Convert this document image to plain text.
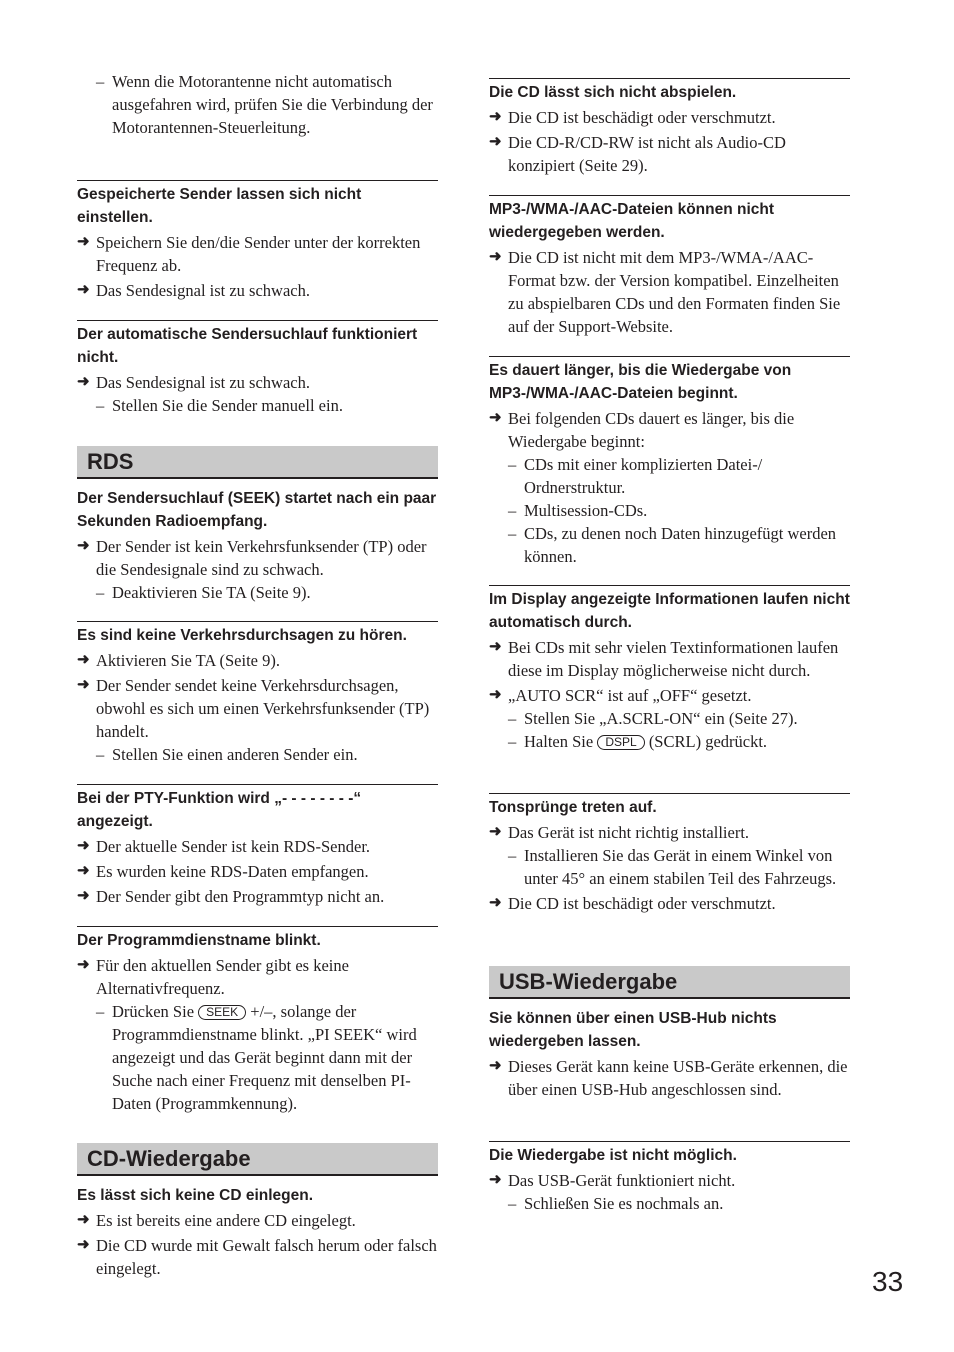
– Wenn die Motorantenne nicht automatisch ausgefahren wird, prüfen Sie die Verbindung der Motorantennen-Steuerleitung.
Gespeicherte Sender lassen sich nicht einstellen.
➜ Speichern Sie den/die Sender unter der korrekten Frequenz ab.
➜ Das Sendesignal ist zu schwach.
Der automatische Sendersuchlauf funktioniert nicht.
➜ Das Sendesignal ist zu schwach.
– Stellen Sie die Sender manuell ein.
RDS
Der Sendersuchlauf (SEEK) startet nach ein paar Sekunden Radioempfang.
➜ Der Sender ist kein Verkehrsfunksender (TP) oder die Sendesignale sind zu schwach.
– Deaktivieren Sie TA (Seite 9).
Es sind keine Verkehrsdurchsagen zu hören.
➜ Aktivieren Sie TA (Seite 9).
➜ Der Sender sendet keine Verkehrsdurchsagen, obwohl es sich um einen Verkehrsfunksender (TP) handelt.
– Stellen Sie einen anderen Sender ein.
Bei der PTY-Funktion wird „- - - - - - - -“ angezeigt.
➜ Der aktuelle Sender ist kein RDS-Sender.
➜ Es wurden keine RDS-Daten empfangen.
➜ Der Sender gibt den Programmtyp nicht an.
Der Programmdienstname blinkt.
➜ Für den aktuellen Sender gibt es keine Alternativfrequenz.
– Drücken Sie SEEK +/–, solange der Programmdienstname blinkt. „PI SEEK“ wird angezeigt und das Gerät beginnt dann mit der Suche nach einer Frequenz mit denselben PI-Daten (Programmkennung).
CD-Wiedergabe
Es lässt sich keine CD einlegen.
➜ Es ist bereits eine andere CD eingelegt.
➜ Die CD wurde mit Gewalt falsch herum oder falsch eingelegt.
Die CD lässt sich nicht abspielen.
➜ Die CD ist beschädigt oder verschmutzt.
➜ Die CD-R/CD-RW ist nicht als Audio-CD konzipiert (Seite 29).
MP3-/WMA-/AAC-Dateien können nicht wiedergegeben werden.
➜ Die CD ist nicht mit dem MP3-/WMA-/AAC-Format bzw. der Version kompatibel. Einzelheiten zu abspielbaren CDs und den Formaten finden Sie auf der Support-Website.
Es dauert länger, bis die Wiedergabe von MP3-/WMA-/AAC-Dateien beginnt.
➜ Bei folgenden CDs dauert es länger, bis die Wiedergabe beginnt:
– CDs mit einer komplizierten Datei-/ Ordnerstruktur.
– Multisession-CDs.
– CDs, zu denen noch Daten hinzugefügt werden können.
Im Display angezeigte Informationen laufen nicht automatisch durch.
➜ Bei CDs mit sehr vielen Textinformationen laufen diese im Display möglicherweise nicht durch.
➜ „AUTO SCR“ ist auf „OFF“ gesetzt.
– Stellen Sie „A.SCRL-ON“ ein (Seite 27).
– Halten Sie DSPL (SCRL) gedrückt.
Tonsprünge treten auf.
➜ Das Gerät ist nicht richtig installiert.
– Installieren Sie das Gerät in einem Winkel von unter 45° an einem stabilen Teil des Fahrzeugs.
➜ Die CD ist beschädigt oder verschmutzt.
USB-Wiedergabe
Sie können über einen USB-Hub nichts wiedergeben lassen.
➜ Dieses Gerät kann keine USB-Geräte erkennen, die über einen USB-Hub angeschlossen sind.
Die Wiedergabe ist nicht möglich.
➜ Das USB-Gerät funktioniert nicht.
– Schließen Sie es nochmals an.
33
